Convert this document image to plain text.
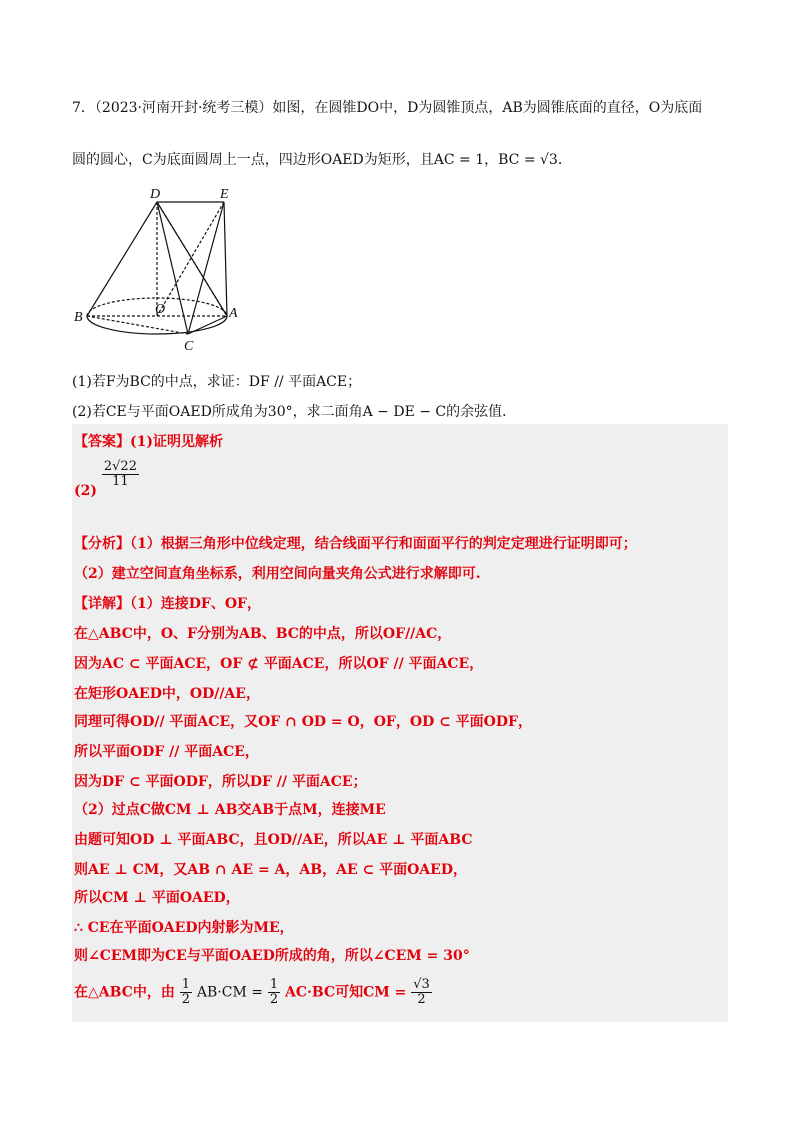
7．（2023·河南开封·统考三模）如图，在圆锥DO中，D为圆锥顶点，AB为圆锥底面的直径，O为底面
圆的圆心，C为底面圆周上一点，四边形OAED为矩形，且AC = 1，BC = √3．
D	E
B
O	A
C
(1)若F为BC的中点，求证：DF // 平面ACE；
(2)若CE与平面OAED所成角为30°，求二面角A − DE − C的余弦值．
【答案】(1)证明见解析
(2)
$\frac{2√22}{11}$
【分析】（1）根据三角形中位线定理，结合线面平行和面面平行的判定定理进行证明即可；
（2）建立空间直角坐标系，利用空间向量夹角公式进行求解即可.
【详解】（1）连接DF、OF，
在△ABC中，O、F分别为AB、BC的中点，所以OF//AC，
因为AC ⊂ 平面ACE，OF ⊄ 平面ACE，所以OF // 平面ACE，
在矩形OAED中，OD//AE，
同理可得OD// 平面ACE，又OF ∩ OD = O，OF，OD ⊂ 平面ODF，
所以平面ODF // 平面ACE，
因为DF ⊂ 平面ODF，所以DF // 平面ACE；
（2）过点C做CM ⊥ AB交AB于点M，连接ME
由题可知OD ⊥ 平面ABC，且OD//AE，所以AE ⊥ 平面ABC
则AE ⊥ CM，又AB ∩ AE = A，AB，AE ⊂ 平面OAED，
所以CM ⊥ 平面OAED，
∴ CE在平面OAED内射影为ME，
则∠CEM即为CE与平面OAED所成的角，所以∠CEM = 30°
在△ABC中，由 $\frac{1}{2} AB\cdot CM = \frac{1}{2} AC\cdot BC$可知CM = $\frac{√3}{2}$
